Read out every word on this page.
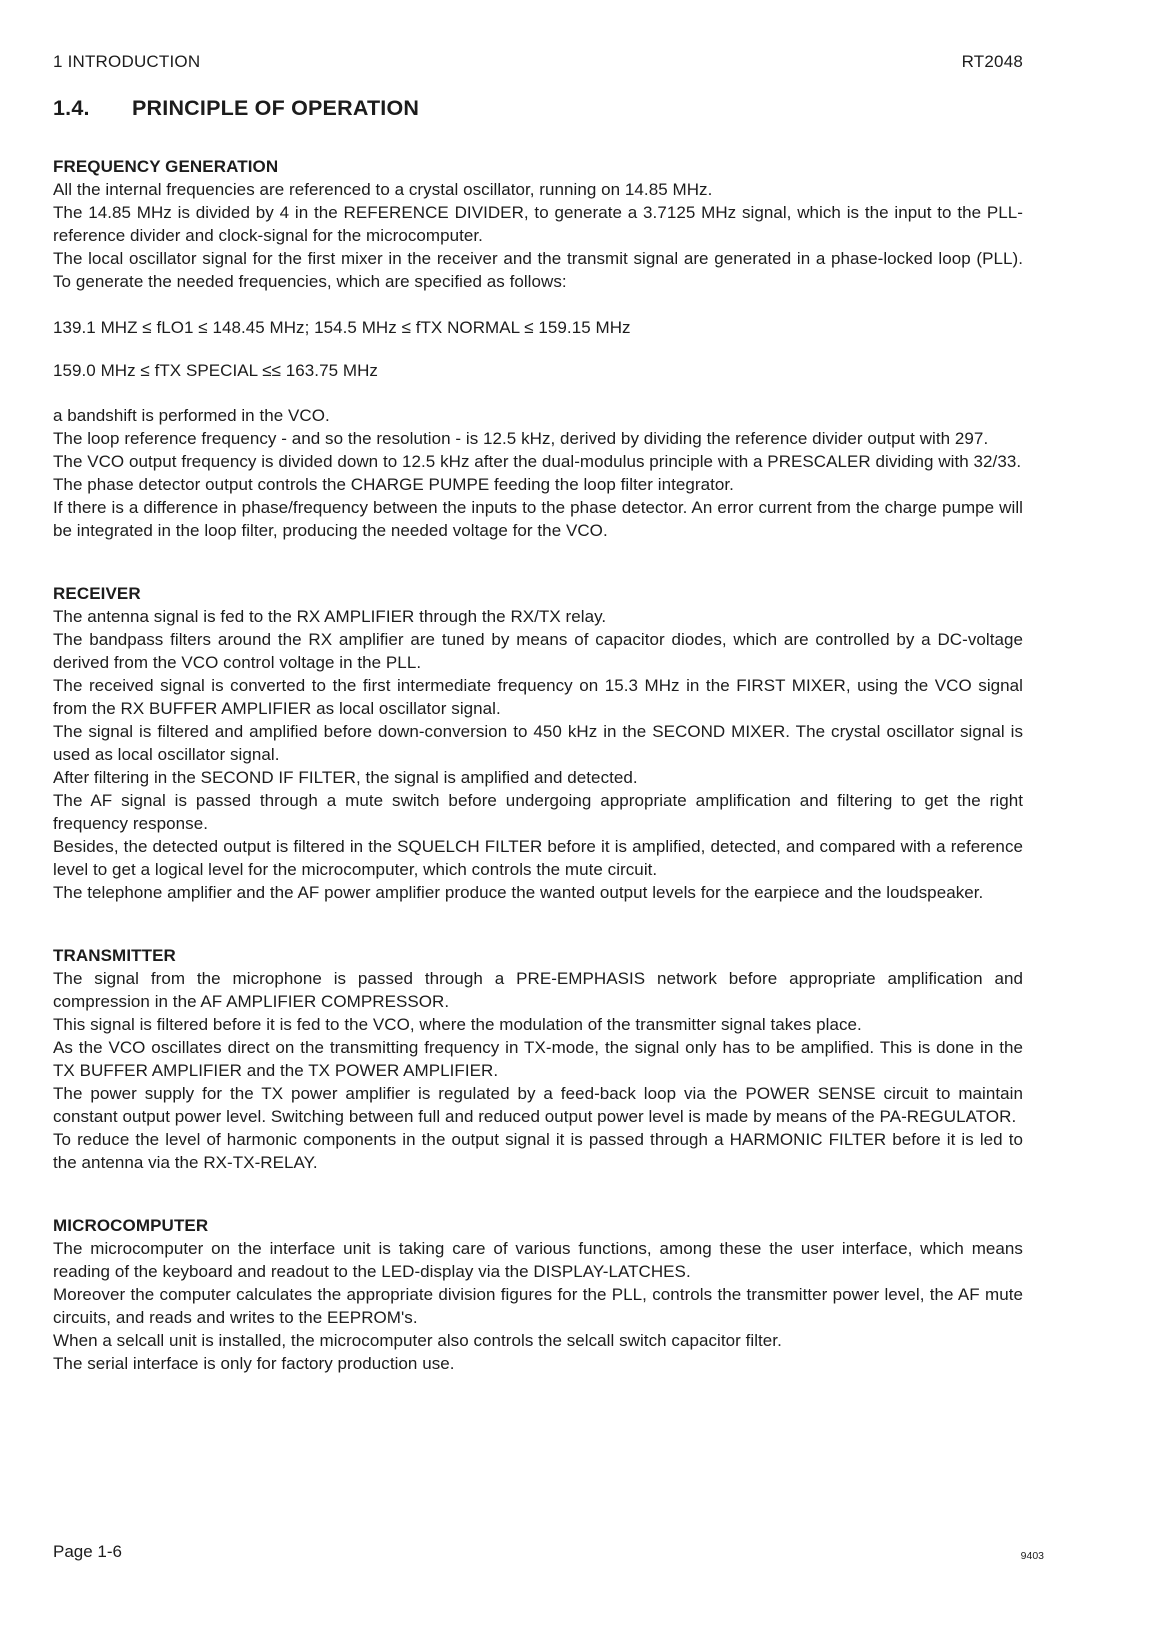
1 INTRODUCTION	RT2048
1.4.	PRINCIPLE OF OPERATION
FREQUENCY GENERATION

All the internal frequencies are referenced to a crystal oscillator, running on 14.85 MHz.

The 14.85 MHz is divided by 4 in the REFERENCE DIVIDER, to generate a 3.7125 MHz signal, which is the input to the PLL-reference divider and clock-signal for the microcomputer.

The local oscillator signal for the first mixer in the receiver and the transmit signal are generated in a phase-locked loop (PLL). To generate the needed frequencies, which are specified as follows:

139.1 MHZ ≤ fLO1 ≤ 148.45 MHz; 154.5 MHz ≤ fTX NORMAL ≤ 159.15 MHz

159.0 MHz ≤ fTX SPECIAL ≤≤ 163.75 MHz

a bandshift is performed in the VCO.

The loop reference frequency - and so the resolution - is 12.5 kHz, derived by dividing the reference divider output with 297.

The VCO output frequency is divided down to 12.5 kHz after the dual-modulus principle with a PRESCALER dividing with 32/33.

The phase detector output controls the CHARGE PUMPE feeding the loop filter integrator.

If there is a difference in phase/frequency between the inputs to the phase detector. An error current from the charge pumpe will be integrated in the loop filter, producing the needed voltage for the VCO.

RECEIVER

The antenna signal is fed to the RX AMPLIFIER through the RX/TX relay.

The bandpass filters around the RX amplifier are tuned by means of capacitor diodes, which are controlled by a DC-voltage derived from the VCO control voltage in the PLL.

The received signal is converted to the first intermediate frequency on 15.3 MHz in the FIRST MIXER, using the VCO signal from the RX BUFFER AMPLIFIER as local oscillator signal.

The signal is filtered and amplified before down-conversion to 450 kHz in the SECOND MIXER. The crystal oscillator signal is used as local oscillator signal.

After filtering in the SECOND IF FILTER, the signal is amplified and detected.

The AF signal is passed through a mute switch before undergoing appropriate amplification and filtering to get the right frequency response.

Besides, the detected output is filtered in the SQUELCH FILTER before it is amplified, detected, and compared with a reference level to get a logical level for the microcomputer, which controls the mute circuit.

The telephone amplifier and the AF power amplifier produce the wanted output levels for the earpiece and the loudspeaker.

TRANSMITTER

The signal from the microphone is passed through a PRE-EMPHASIS network before appropriate amplification and compression in the AF AMPLIFIER COMPRESSOR.

This signal is filtered before it is fed to the VCO, where the modulation of the transmitter signal takes place.

As the VCO oscillates direct on the transmitting frequency in TX-mode, the signal only has to be amplified. This is done in the TX BUFFER AMPLIFIER and the TX POWER AMPLIFIER.

The power supply for the TX power amplifier is regulated by a feed-back loop via the POWER SENSE circuit to maintain constant output power level. Switching between full and reduced output power level is made by means of the PA-REGULATOR.

To reduce the level of harmonic components in the output signal it is passed through a HARMONIC FILTER before it is led to the antenna via the RX-TX-RELAY.

MICROCOMPUTER

The microcomputer on the interface unit is taking care of various functions, among these the user interface, which means reading of the keyboard and readout to the LED-display via the DISPLAY-LATCHES.

Moreover the computer calculates the appropriate division figures for the PLL, controls the transmitter power level, the AF mute circuits, and reads and writes to the EEPROM's.

When a selcall unit is installed, the microcomputer also controls the selcall switch capacitor filter.

The serial interface is only for factory production use.

Page 1-6	9403
